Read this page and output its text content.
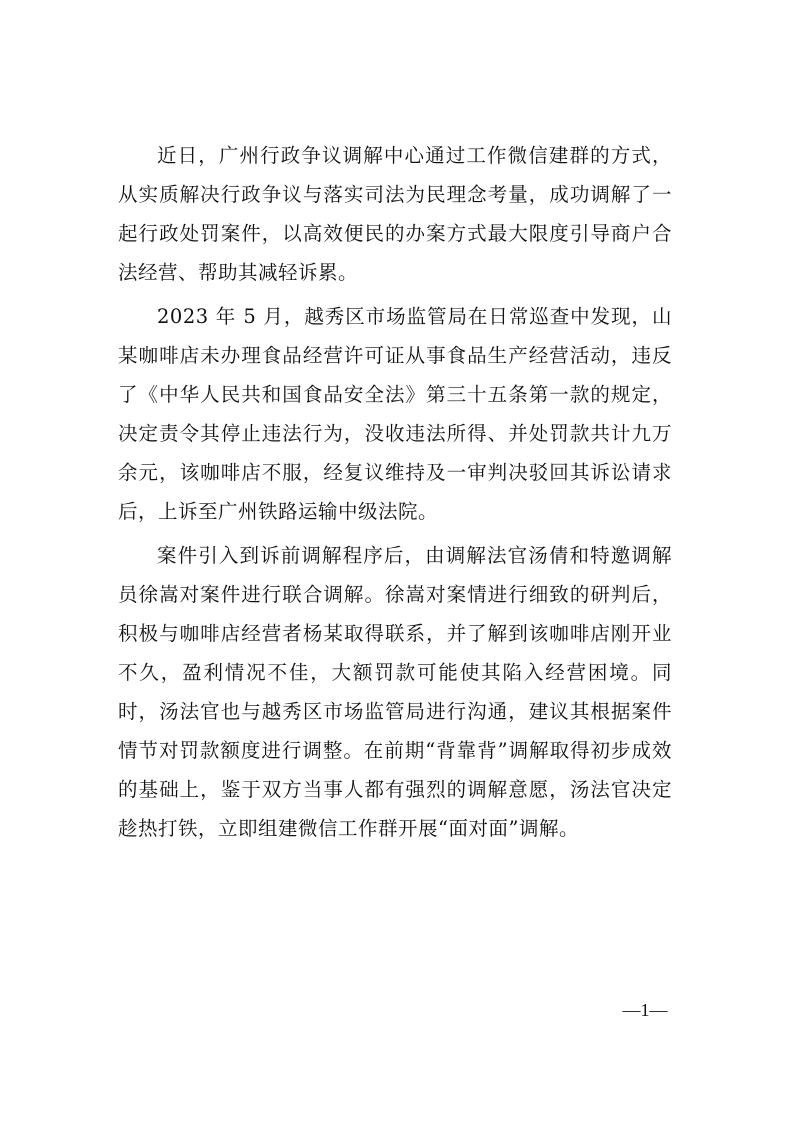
近日，广州行政争议调解中心通过工作微信建群的方式，从实质解决行政争议与落实司法为民理念考量，成功调解了一起行政处罚案件，以高效便民的办案方式最大限度引导商户合法经营、帮助其减轻诉累。

2023 年 5 月，越秀区市场监管局在日常巡查中发现，山某咖啡店未办理食品经营许可证从事食品生产经营活动，违反了《中华人民共和国食品安全法》第三十五条第一款的规定，决定责令其停止违法行为，没收违法所得、并处罚款共计九万余元，该咖啡店不服，经复议维持及一审判决驳回其诉讼请求后，上诉至广州铁路运输中级法院。

案件引入到诉前调解程序后，由调解法官汤倩和特邀调解员徐嵩对案件进行联合调解。徐嵩对案情进行细致的研判后，积极与咖啡店经营者杨某取得联系，并了解到该咖啡店刚开业不久，盈利情况不佳，大额罚款可能使其陷入经营困境。同时，汤法官也与越秀区市场监管局进行沟通，建议其根据案件情节对罚款额度进行调整。在前期“背靠背”调解取得初步成效的基础上，鉴于双方当事人都有强烈的调解意愿，汤法官决定趁热打铁，立即组建微信工作群开展“面对面”调解。

—1—
